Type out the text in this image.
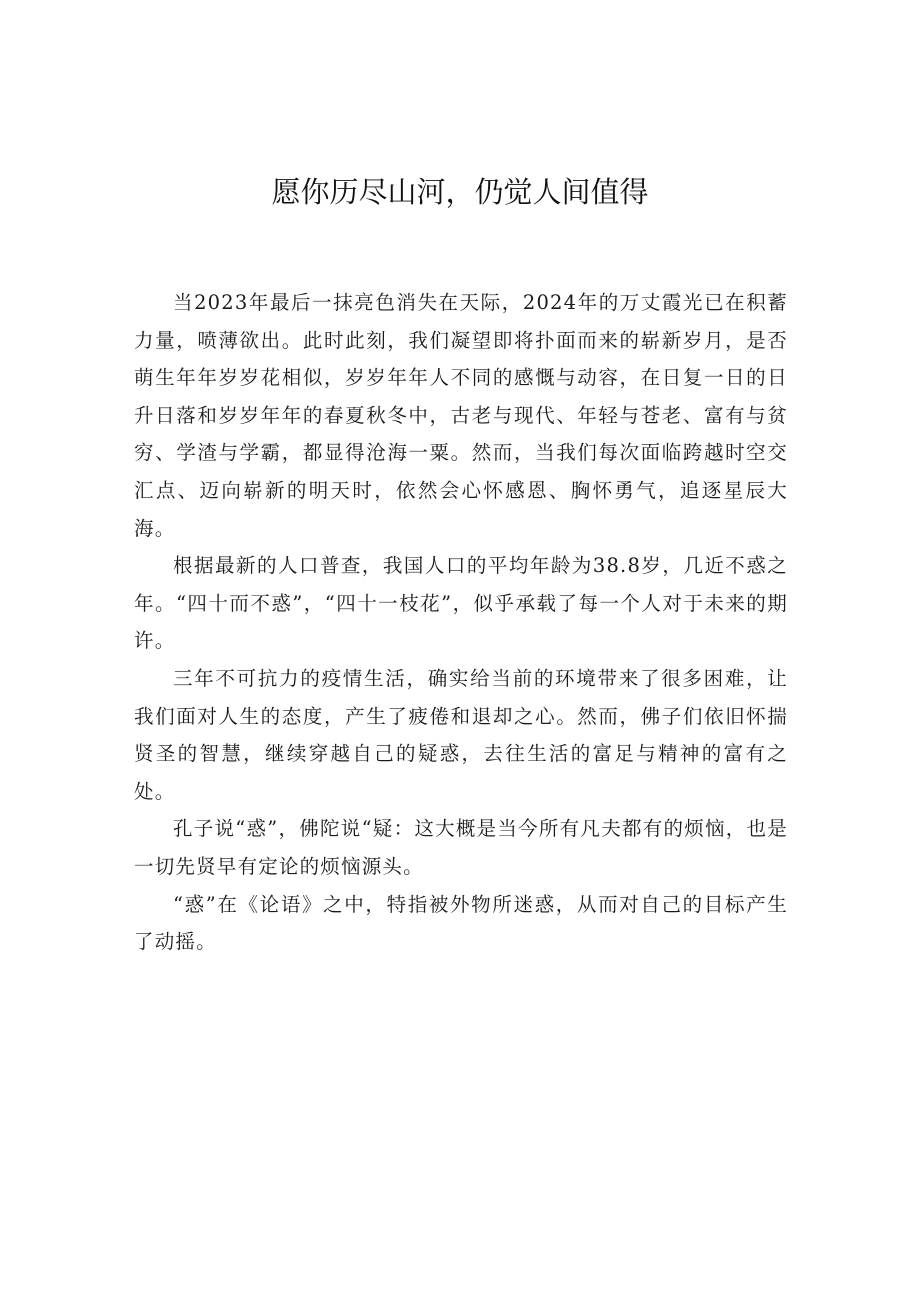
愿你历尽山河，仍觉人间值得

当2023年最后一抹亮色消失在天际，2024年的万丈霞光已在积蓄力量，喷薄欲出。此时此刻，我们凝望即将扑面而来的崭新岁月，是否萌生年年岁岁花相似，岁岁年年人不同的感慨与动容，在日复一日的日升日落和岁岁年年的春夏秋冬中，古老与现代、年轻与苍老、富有与贫穷、学渣与学霸，都显得沧海一粟。然而，当我们每次面临跨越时空交汇点、迈向崭新的明天时，依然会心怀感恩、胸怀勇气，追逐星辰大海。

根据最新的人口普查，我国人口的平均年龄为38.8岁，几近不惑之年。“四十而不惑”，“四十一枝花”，似乎承载了每一个人对于未来的期许。

三年不可抗力的疫情生活，确实给当前的环境带来了很多困难，让我们面对人生的态度，产生了疲倦和退却之心。然而，佛子们依旧怀揣贤圣的智慧，继续穿越自己的疑惑，去往生活的富足与精神的富有之处。

孔子说“惑”，佛陀说“疑：这大概是当今所有凡夫都有的烦恼，也是一切先贤早有定论的烦恼源头。

“惑”在《论语》之中，特指被外物所迷惑，从而对自己的目标产生了动摇。
